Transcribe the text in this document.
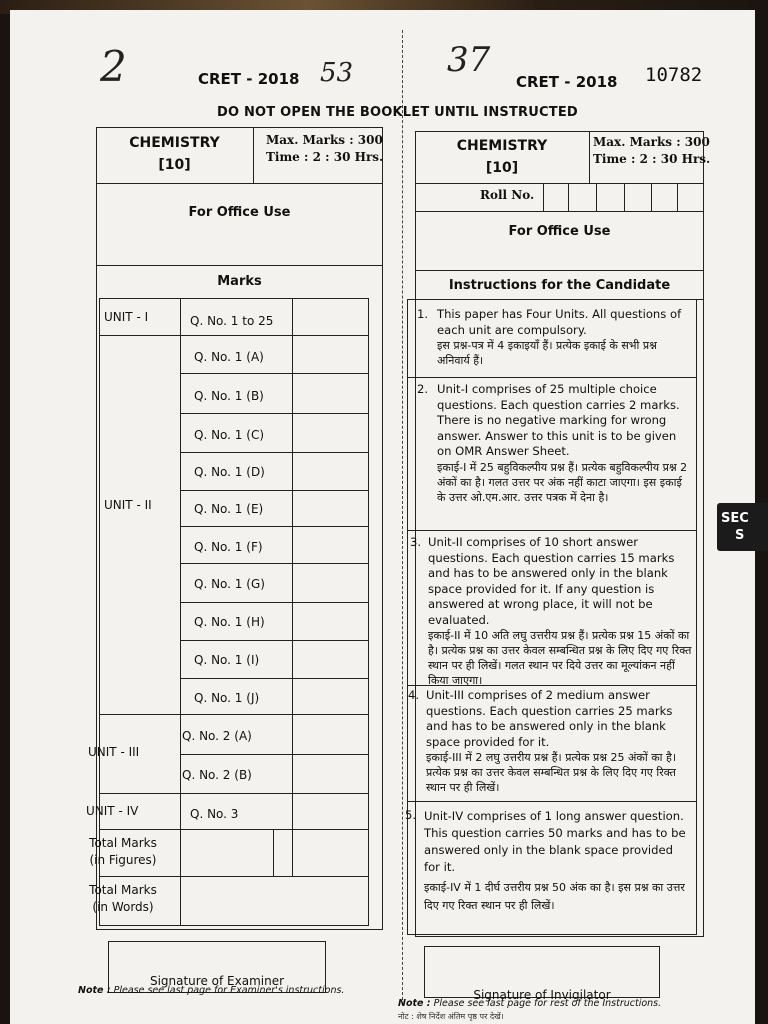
2	CRET - 2018 53	37
CRET - 2018 10782
DO NOT OPEN THE BOOKLET UNTIL INSTRUCTED
CHEMISTRY
[10]
Max. Marks : 300
Time : 2 : 30 Hrs.
For Office Use
Marks
UNIT - I
UNIT - II
UNIT - III
UNIT - IV
Total Marks (in Figures)
Total Marks (in Words)
Q. No. 1 to 25
Q. No. 1 (A)
Q. No. 1 (B)
Q. No. 1 (C)
Q. No. 1 (D)
Q. No. 1 (E)
Q. No. 1 (F)
Q. No. 1 (G)
Q. No. 1 (H)
Q. No. 1 (I)
Q. No. 1 (J)
Q. No. 2 (A)
Q. No. 2 (B)
Q. No. 3
Signature of Examiner
Note : Please see last page for Examiner's instructions.
CHEMISTRY
[10]
Max. Marks : 300
Time : 2 : 30 Hrs.
Roll No.
For Office Use
Instructions for the Candidate
1. This paper has Four Units. All questions of each unit are compulsory.

इस प्रश्न-पत्र में 4 इकाइयाँ हैं। प्रत्येक इकाई के सभी प्रश्न अनिवार्य हैं।

2. Unit-I comprises of 25 multiple choice questions. Each question carries 2 marks. There is no negative marking for wrong answer. Answer to this unit is to be given on OMR Answer Sheet.

इकाई-I में 25 बहुविकल्पीय प्रश्न हैं। प्रत्येक बहुविकल्पीय प्रश्न 2 अंकों का है। गलत उत्तर पर अंक नहीं काटा जाएगा। इस इकाई के उत्तर ओ.एम.आर. उत्तर पत्रक में देना है।

3. Unit-II comprises of 10 short answer questions. Each question carries 15 marks and has to be answered only in the blank space provided for it. If any question is answered at wrong place, it will not be evaluated.

इकाई-II में 10 अति लघु उत्तरीय प्रश्न हैं। प्रत्येक प्रश्न 15 अंकों का है। प्रत्येक प्रश्न का उत्तर केवल सम्बन्धित प्रश्न के लिए दिए गए रिक्त स्थान पर ही लिखें। गलत स्थान पर दिये उत्तर का मूल्यांकन नहीं किया जाएगा।

4. Unit-III comprises of 2 medium answer questions. Each question carries 25 marks and has to be answered only in the blank space provided for it.

इकाई-III में 2 लघु उत्तरीय प्रश्न हैं। प्रत्येक प्रश्न 25 अंकों का है। प्रत्येक प्रश्न का उत्तर केवल सम्बन्धित प्रश्न के लिए दिए गए रिक्त स्थान पर ही लिखें।

5. Unit-IV comprises of 1 long answer question. This question carries 50 marks and has to be answered only in the blank space provided for it.

इकाई-IV में 1 दीर्घ उत्तरीय प्रश्न 50 अंक का है। इस प्रश्न का उत्तर दिए गए रिक्त स्थान पर ही लिखें।

Signature of Invigilator
Note : Please see last page for rest of the Instructions.
नोट : शेष निर्देश अंतिम पृष्ठ पर देखें।
SEC
S
